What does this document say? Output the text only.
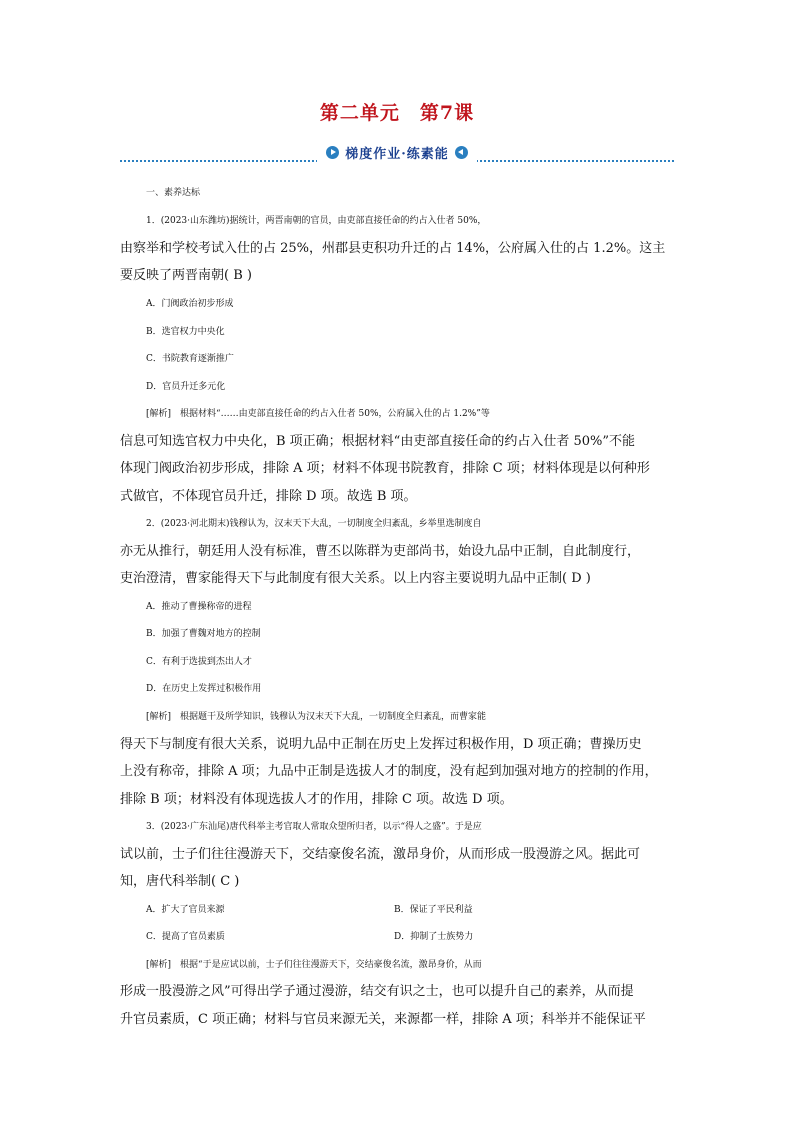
第二单元　第7课
梯度作业·练素能
一、素养达标
1．(2023·山东潍坊)据统计，两晋南朝的官员，由吏部直接任命的约占入仕者 50%，
由察举和学校考试入仕的占 25%，州郡县吏积功升迁的占 14%，公府属入仕的占 1.2%。这主
要反映了两晋南朝( B )
A．门阀政治初步形成
B．选官权力中央化
C．书院教育逐渐推广
D．官员升迁多元化
[解析]　根据材料“……由吏部直接任命的约占入仕者 50%，公府属入仕的占 1.2%”等
信息可知选官权力中央化，B 项正确；根据材料“由吏部直接任命的约占入仕者 50%”不能
体现门阀政治初步形成，排除 A 项；材料不体现书院教育，排除 C 项；材料体现是以何种形
式做官，不体现官员升迁，排除 D 项。故选 B 项。
2．(2023·河北期末)钱穆认为，汉末天下大乱，一切制度全归紊乱，乡举里选制度自
亦无从推行，朝廷用人没有标准，曹丕以陈群为吏部尚书，始设九品中正制，自此制度行，
吏治澄清，曹家能得天下与此制度有很大关系。以上内容主要说明九品中正制( D )
A．推动了曹操称帝的进程
B．加强了曹魏对地方的控制
C．有利于选拔到杰出人才
D．在历史上发挥过积极作用
[解析]　根据题干及所学知识，钱穆认为汉末天下大乱，一切制度全归紊乱，而曹家能
得天下与制度有很大关系，说明九品中正制在历史上发挥过积极作用，D 项正确；曹操历史
上没有称帝，排除 A 项；九品中正制是选拔人才的制度，没有起到加强对地方的控制的作用，
排除 B 项；材料没有体现选拔人才的作用，排除 C 项。故选 D 项。
3．(2023·广东汕尾)唐代科举主考官取人常取众望所归者，以示“得人之盛”。于是应
试以前，士子们往往漫游天下，交结豪俊名流，激昂身价，从而形成一股漫游之风。据此可
知，唐代科举制( C )
A．扩大了官员来源	B．保证了平民利益
C．提高了官员素质	D．抑制了士族势力
[解析]　根据“于是应试以前，士子们往往漫游天下，交结豪俊名流，激昂身价，从而
形成一股漫游之风”可得出学子通过漫游，结交有识之士，也可以提升自己的素养，从而提
升官员素质，C 项正确；材料与官员来源无关，来源都一样，排除 A 项；科举并不能保证平
